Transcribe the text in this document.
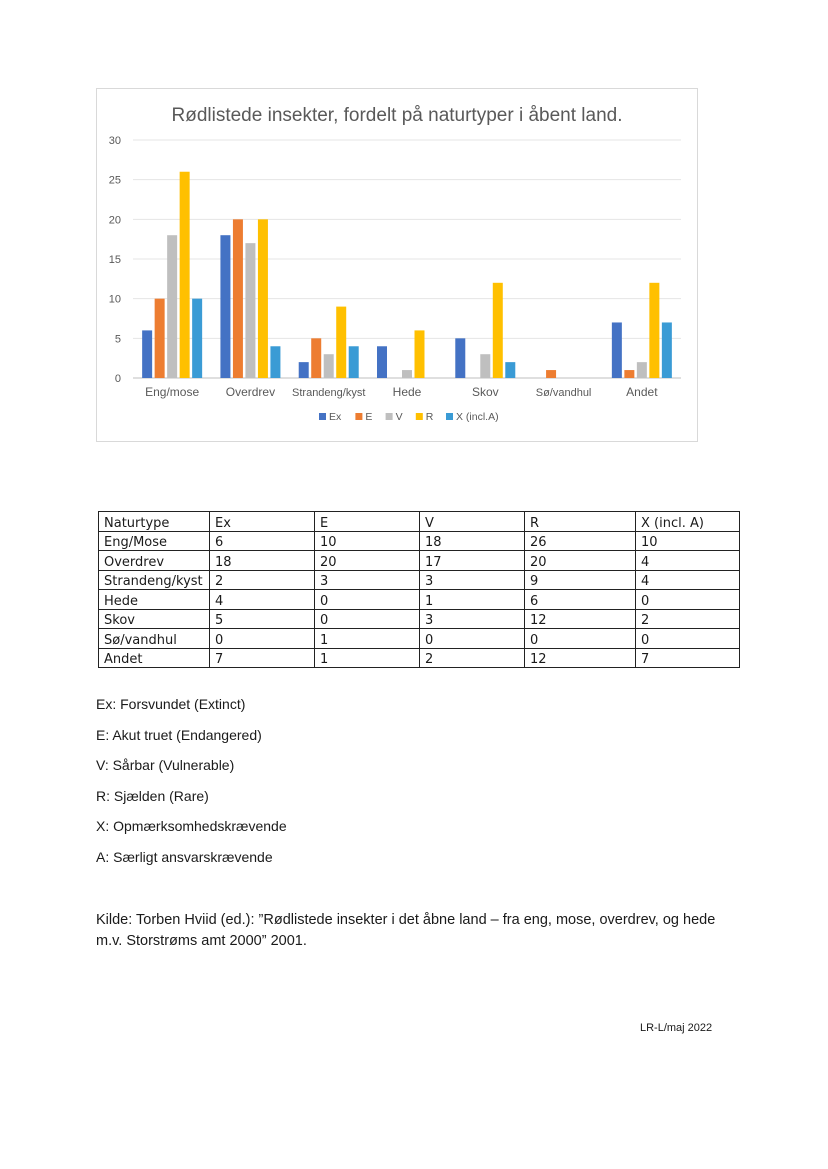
Rødlistede insekter, fordelt på naturtyper i åbent land.
0
5
10
15
20
25
30
Eng/mose Overdrev Strandeng/kyst Hede	Skov	Sø/vandhul	Andet
Ex E V R X (incl.A)
Naturtype	Ex	E	V	R	X (incl. A)
Eng/Mose	6	10	18	26	10
Overdrev	18	20	17	20	4
Strandeng/kyst	2	3	3	9	4
Hede	4	0	1	6	0
Skov	5	0	3	12	2
Sø/vandhul	0	1	0	0	0
Andet	7	1	2	12	7

Ex: Forsvundet (Extinct)

E: Akut truet (Endangered)

V: Sårbar (Vulnerable)

R: Sjælden (Rare)

X: Opmærksomhedskrævende

A: Særligt ansvarskrævende

Kilde: Torben Hviid (ed.): ”Rødlistede insekter i det åbne land – fra eng, mose, overdrev, og hede m.v. Storstrøms amt 2000” 2001.
LR-L/maj 2022
